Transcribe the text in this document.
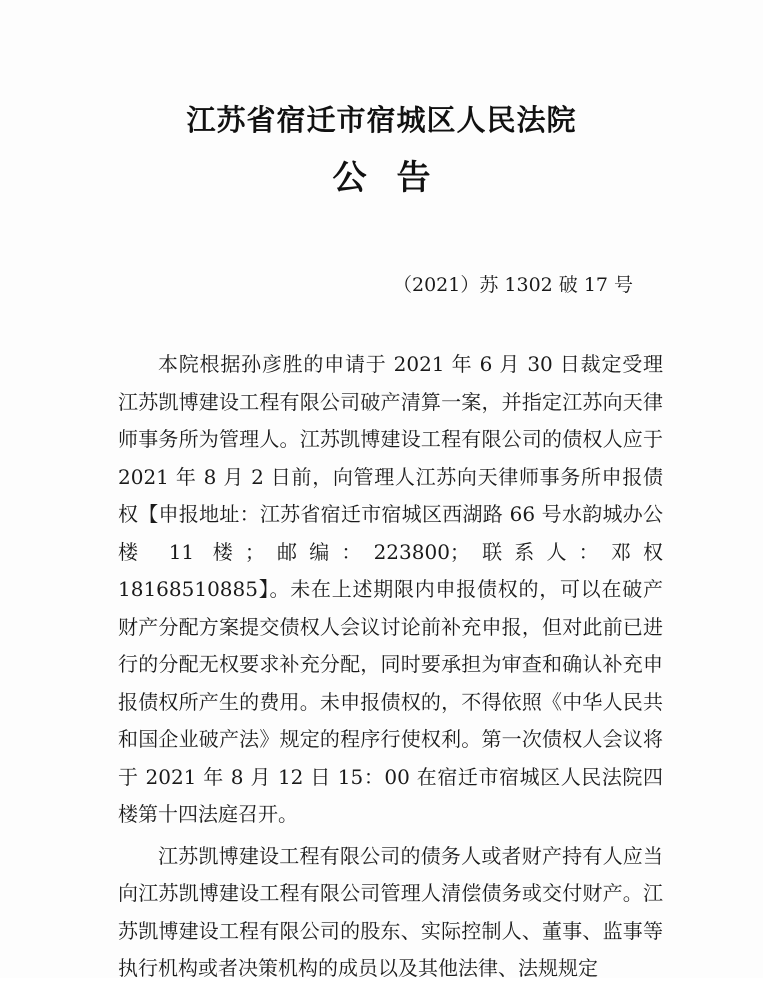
江苏省宿迁市宿城区人民法院
公告
（2021）苏 1302 破 17 号

本院根据孙彦胜的申请于 2021 年 6 月 30 日裁定受理江苏凯博建设工程有限公司破产清算一案，并指定江苏向天律师事务所为管理人。江苏凯博建设工程有限公司的债权人应于 2021 年 8 月 2 日前，向管理人江苏向天律师事务所申报债权【申报地址：江苏省宿迁市宿城区西湖路 66 号水韵城办公楼 11 楼；邮编：223800；联系人：邓权 18168510885】。未在上述期限内申报债权的，可以在破产财产分配方案提交债权人会议讨论前补充申报，但对此前已进行的分配无权要求补充分配，同时要承担为审查和确认补充申报债权所产生的费用。未申报债权的，不得依照《中华人民共和国企业破产法》规定的程序行使权利。第一次债权人会议将于 2021 年 8 月 12 日 15：00 在宿迁市宿城区人民法院四楼第十四法庭召开。

江苏凯博建设工程有限公司的债务人或者财产持有人应当向江苏凯博建设工程有限公司管理人清偿债务或交付财产。江苏凯博建设工程有限公司的股东、实际控制人、董事、监事等执行机构或者决策机构的成员以及其他法律、法规规定
